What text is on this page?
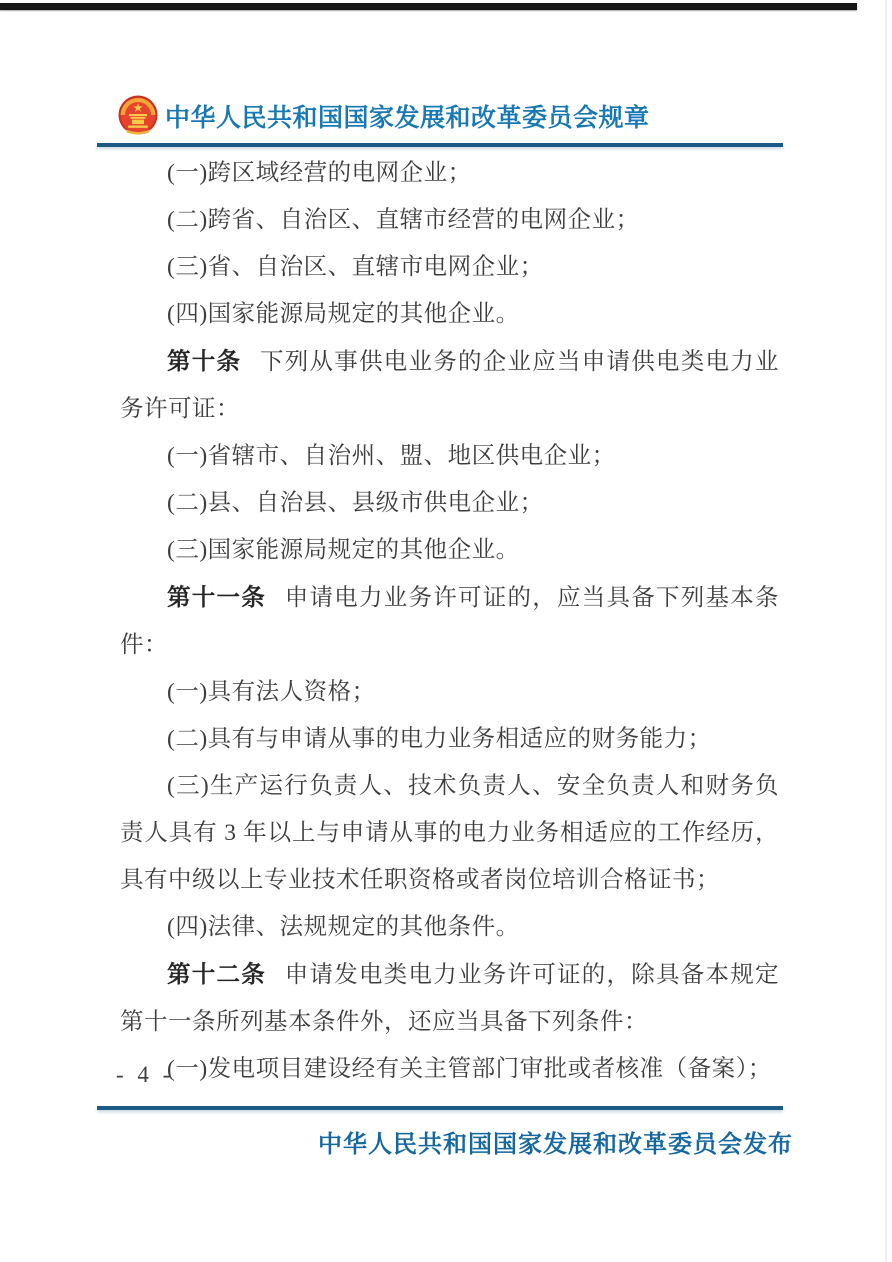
中华人民共和国国家发展和改革委员会规章

(一)跨区域经营的电网企业；

(二)跨省、自治区、直辖市经营的电网企业；

(三)省、自治区、直辖市电网企业；

(四)国家能源局规定的其他企业。

第十条 下列从事供电业务的企业应当申请供电类电力业务许可证：

(一)省辖市、自治州、盟、地区供电企业；

(二)县、自治县、县级市供电企业；

(三)国家能源局规定的其他企业。

第十一条 申请电力业务许可证的，应当具备下列基本条件：

(一)具有法人资格；

(二)具有与申请从事的电力业务相适应的财务能力；

(三)生产运行负责人、技术负责人、安全负责人和财务负责人具有 3 年以上与申请从事的电力业务相适应的工作经历，具有中级以上专业技术任职资格或者岗位培训合格证书；

(四)法律、法规规定的其他条件。

第十二条 申请发电类电力业务许可证的，除具备本规定第十一条所列基本条件外，还应当具备下列条件：

(一)发电项目建设经有关主管部门审批或者核准（备案）；

- 4 -
中华人民共和国国家发展和改革委员会发布
